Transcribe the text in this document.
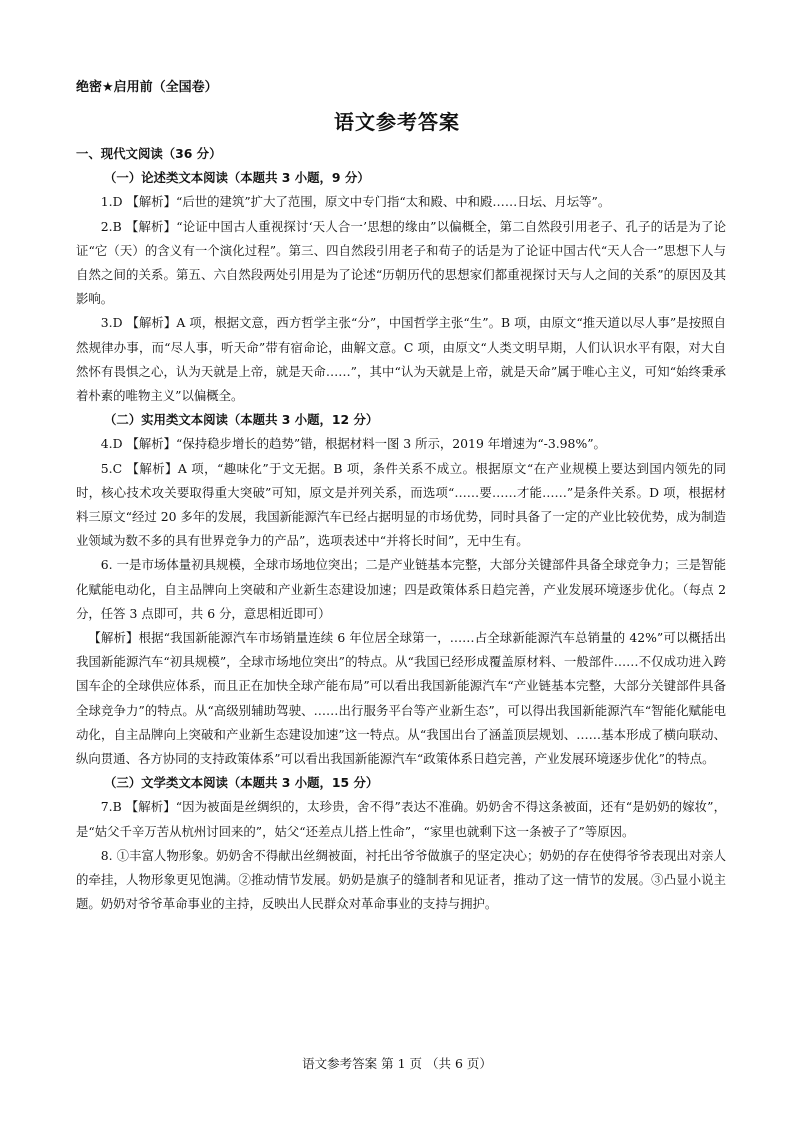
绝密★启用前（全国卷）
语文参考答案

一、现代文阅读（36 分）

（一）论述类文本阅读（本题共 3 小题，9 分）

1.D 【解析】“后世的建筑”扩大了范围，原文中专门指“太和殿、中和殿……日坛、月坛等”。

2.B 【解析】“论证中国古人重视探讨‘天人合一’思想的缘由”以偏概全，第二自然段引用老子、孔子的话是为了论证“它（天）的含义有一个演化过程”。第三、四自然段引用老子和荀子的话是为了论证中国古代“天人合一”思想下人与自然之间的关系。第五、六自然段两处引用是为了论述“历朝历代的思想家们都重视探讨天与人之间的关系”的原因及其影响。

3.D 【解析】A 项，根据文意，西方哲学主张“分”，中国哲学主张“生”。B 项，由原文“推天道以尽人事”是按照自然规律办事，而“尽人事，听天命”带有宿命论，曲解文意。C 项，由原文“人类文明早期，人们认识水平有限，对大自然怀有畏惧之心，认为天就是上帝，就是天命……”，其中“认为天就是上帝，就是天命”属于唯心主义，可知“始终秉承着朴素的唯物主义”以偏概全。

（二）实用类文本阅读（本题共 3 小题，12 分）

4.D 【解析】“保持稳步增长的趋势”错，根据材料一图 3 所示，2019 年增速为“-3.98%”。

5.C 【解析】A 项，“趣味化”于文无据。B 项，条件关系不成立。根据原文“在产业规模上要达到国内领先的同时，核心技术攻关要取得重大突破”可知，原文是并列关系，而选项“……要……才能……”是条件关系。D 项，根据材料三原文“经过 20 多年的发展，我国新能源汽车已经占据明显的市场优势，同时具备了一定的产业比较优势，成为制造业领域为数不多的具有世界竞争力的产品”，选项表述中“并将长时间”，无中生有。

6. 一是市场体量初具规模，全球市场地位突出；二是产业链基本完整，大部分关键部件具备全球竞争力；三是智能化赋能电动化，自主品牌向上突破和产业新生态建设加速；四是政策体系日趋完善，产业发展环境逐步优化。（每点 2 分，任答 3 点即可，共 6 分，意思相近即可）

【解析】根据“我国新能源汽车市场销量连续 6 年位居全球第一，……占全球新能源汽车总销量的 42%”可以概括出我国新能源汽车“初具规模”，全球市场地位突出”的特点。从“我国已经形成覆盖原材料、一般部件……不仅成功进入跨国车企的全球供应体系，而且正在加快全球产能布局”可以看出我国新能源汽车“产业链基本完整，大部分关键部件具备全球竞争力”的特点。从“高级别辅助驾驶、……出行服务平台等产业新生态”，可以得出我国新能源汽车“智能化赋能电动化，自主品牌向上突破和产业新生态建设加速”这一特点。从“我国出台了涵盖顶层规划、……基本形成了横向联动、纵向贯通、各方协同的支持政策体系”可以看出我国新能源汽车“政策体系日趋完善，产业发展环境逐步优化”的特点。

（三）文学类文本阅读（本题共 3 小题，15 分）

7.B 【解析】“因为被面是丝绸织的，太珍贵，舍不得”表达不准确。奶奶舍不得这条被面，还有“是奶奶的嫁妆”，是“姑父千辛万苦从杭州讨回来的”，姑父“还差点儿搭上性命”，“家里也就剩下这一条被子了”等原因。

8. ①丰富人物形象。奶奶舍不得献出丝绸被面，衬托出爷爷做旗子的坚定决心；奶奶的存在使得爷爷表现出对亲人的牵挂，人物形象更见饱满。②推动情节发展。奶奶是旗子的缝制者和见证者，推动了这一情节的发展。③凸显小说主题。奶奶对爷爷革命事业的主持，反映出人民群众对革命事业的支持与拥护。

语文参考答案 第 1 页 （共 6 页）
